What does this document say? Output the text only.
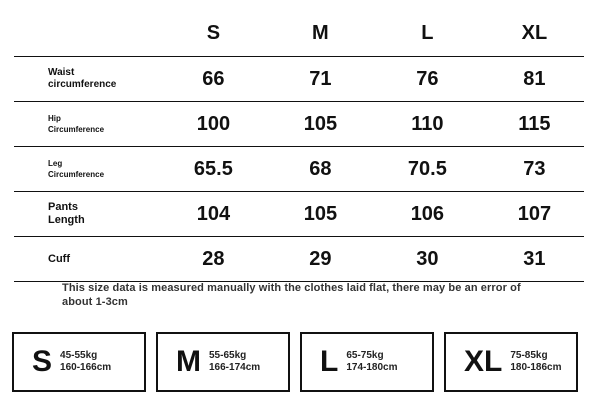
	S	M	L	XL

Waist
circumference	66	71	76	81

Hip
Circumference	100	105	110	115

Leg
Circumference	65.5	68	70.5	73

Pants
Length	104	105	106	107

Cuff	28	29	30	31
This size data is measured manually with the clothes laid flat, there may be an error of about 1-3cm
S 45-55kg
160-166cm M 55-65kg
166-174cm L 65-75kg
174-180cm XL 75-85kg
180-186cm
